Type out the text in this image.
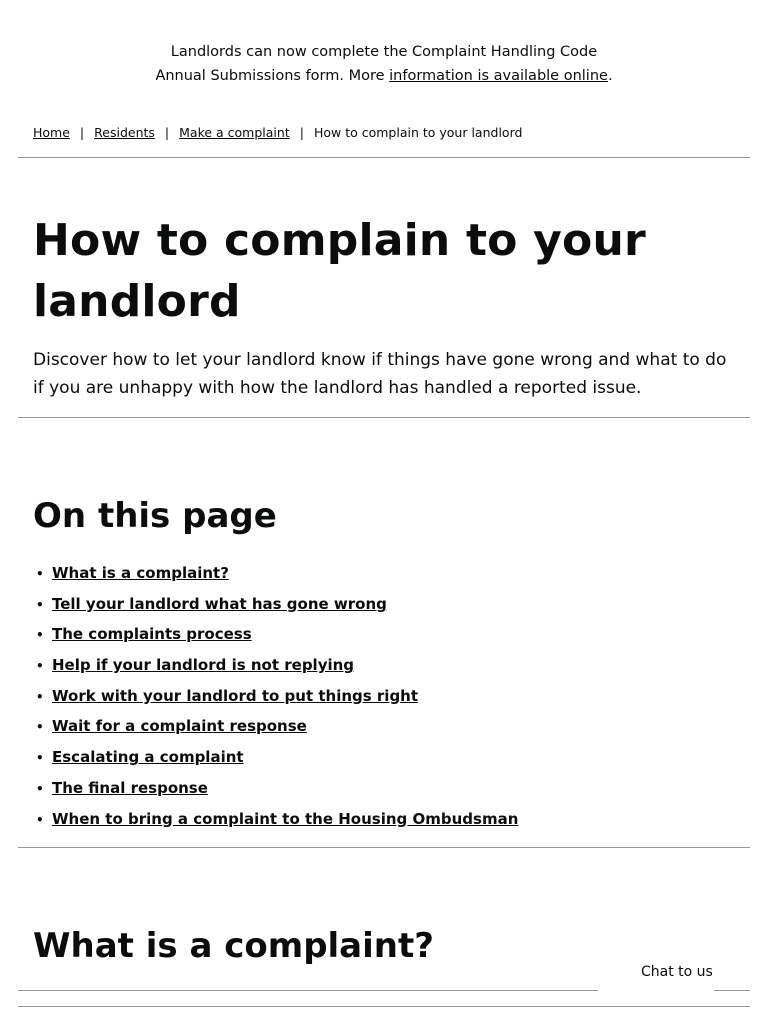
Landlords can now complete the Complaint Handling Code
Annual Submissions form. More information is available online.
Home | Residents | Make a complaint | How to complain to your landlord
How to complain to your landlord

Discover how to let your landlord know if things have gone wrong and what to do if you are unhappy with how the landlord has handled a reported issue.

On this page
• What is a complaint?
• Tell your landlord what has gone wrong
• The complaints process
• Help if your landlord is not replying
• Work with your landlord to put things right
• Wait for a complaint response
• Escalating a complaint
• The final response
• When to bring a complaint to the Housing Ombudsman
What is a complaint?
Chat to us
